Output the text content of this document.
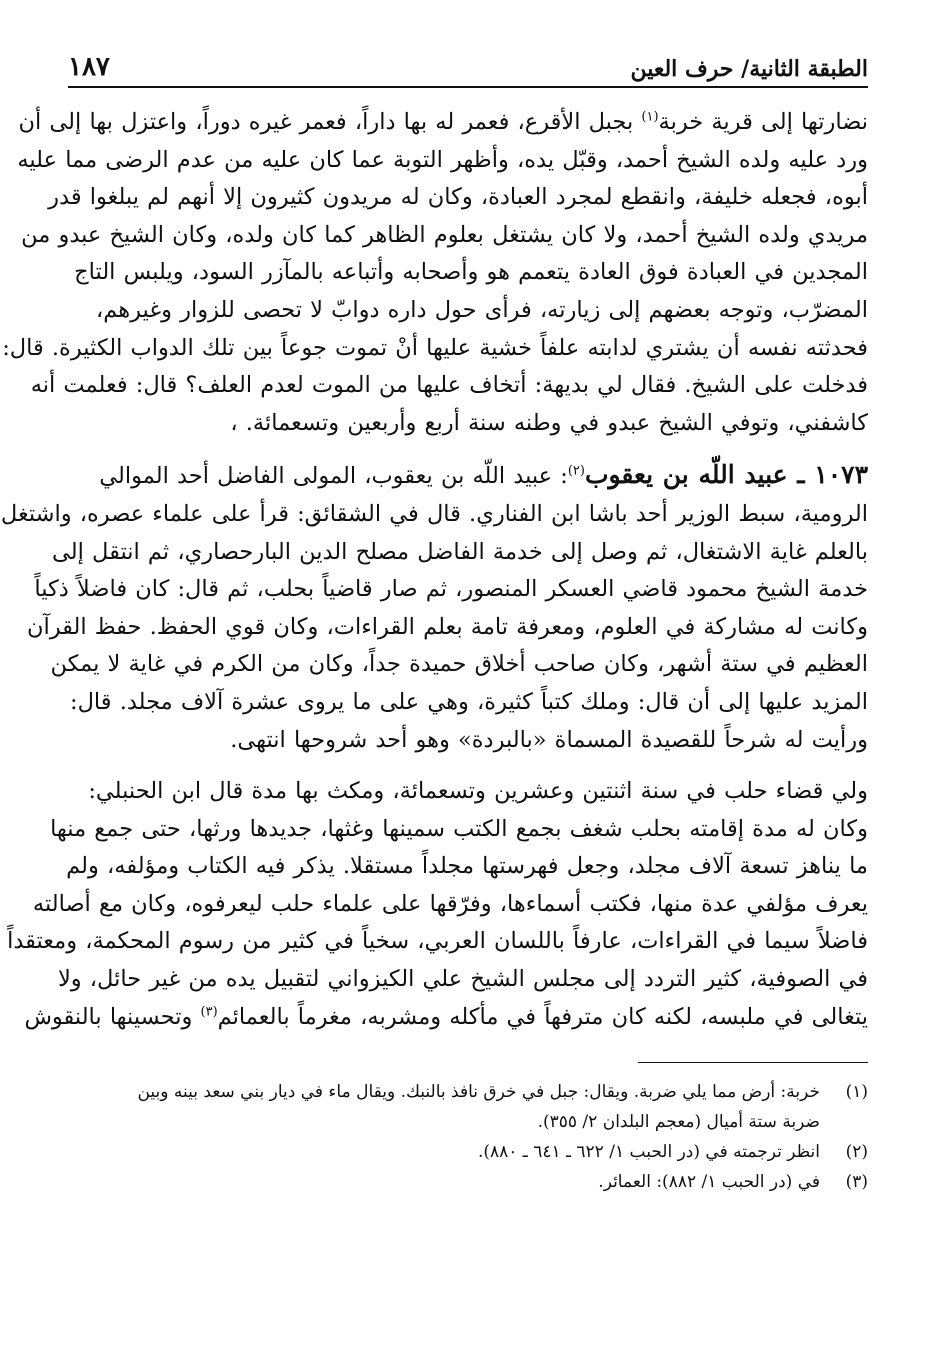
الطبقة الثانية/ حرف العين
١٨٧

نضارتها إلى قرية خربة$^{(١)}$ بجبل الأقرع، فعمر له بها داراً، فعمر غيره دوراً، واعتزل بها إلى أن
ورد عليه ولده الشيخ أحمد، وقبّل يده، وأظهر التوبة عما كان عليه من عدم الرضى مما عليه
أبوه، فجعله خليفة، وانقطع لمجرد العبادة، وكان له مريدون كثيرون إلا أنهم لم يبلغوا قدر
مريدي ولده الشيخ أحمد، ولا كان يشتغل بعلوم الظاهر كما كان ولده، وكان الشيخ عبدو من
المجدين في العبادة فوق العادة يتعمم هو وأصحابه وأتباعه بالمآزر السود، ويلبس التاج
المضرّب، وتوجه بعضهم إلى زيارته، فرأى حول داره دوابّ لا تحصى للزوار وغيرهم،
فحدثته نفسه أن يشتري لدابته علفاً خشية عليها أنْ تموت جوعاً بين تلك الدواب الكثيرة. قال:
فدخلت على الشيخ. فقال لي بديهة: أتخاف عليها من الموت لعدم العلف؟ قال: فعلمت أنه
كاشفني، وتوفي الشيخ عبدو في وطنه سنة أربع وأربعين وتسعمائة. ،

١٠٧٣ ـ عبيد اللّه بن يعقوب$^{(٢)}$: عبيد اللّه بن يعقوب، المولى الفاضل أحد الموالي
الرومية، سبط الوزير أحد باشا ابن الفناري. قال في الشقائق: قرأ على علماء عصره، واشتغل
بالعلم غاية الاشتغال، ثم وصل إلى خدمة الفاضل مصلح الدين البارحصاري، ثم انتقل إلى
خدمة الشيخ محمود قاضي العسكر المنصور، ثم صار قاضياً بحلب، ثم قال: كان فاضلاً ذكياً
وكانت له مشاركة في العلوم، ومعرفة تامة بعلم القراءات، وكان قوي الحفظ. حفظ القرآن
العظيم في ستة أشهر، وكان صاحب أخلاق حميدة جداً، وكان من الكرم في غاية لا يمكن
المزيد عليها إلى أن قال: وملك كتباً كثيرة، وهي على ما يروى عشرة آلاف مجلد. قال:
ورأيت له شرحاً للقصيدة المسماة «بالبردة» وهو أحد شروحها انتهى.

ولي قضاء حلب في سنة اثنتين وعشرين وتسعمائة، ومكث بها مدة قال ابن الحنبلي:
وكان له مدة إقامته بحلب شغف بجمع الكتب سمينها وغثها، جديدها ورثها، حتى جمع منها
ما يناهز تسعة آلاف مجلد، وجعل فهرستها مجلداً مستقلا. يذكر فيه الكتاب ومؤلفه، ولم
يعرف مؤلفي عدة منها، فكتب أسماءها، وفرّقها على علماء حلب ليعرفوه، وكان مع أصالته
فاضلاً سيما في القراءات، عارفاً باللسان العربي، سخياً في كثير من رسوم المحكمة، ومعتقداً
في الصوفية، كثير التردد إلى مجلس الشيخ علي الكيزواني لتقبيل يده من غير حائل، ولا
يتغالى في ملبسه، لكنه كان مترفهاً في مأكله ومشربه، مغرماً بالعمائم$^{(٣)}$ وتحسينها بالنقوش

(١)
خربة: أرض مما يلي ضربة. ويقال: جبل في خرق نافذ بالنبك. ويقال ماء في ديار بني سعد بينه وبين
ضربة ستة أميال (معجم البلدان ٢/ ٣٥٥).
(٢)
انظر ترجمته في (در الحبب ١/ ٦٢٢ ـ ٦٤١ ـ ٨٨٠).
(٣)
في (در الحبب ١/ ٨٨٢): العمائر.
